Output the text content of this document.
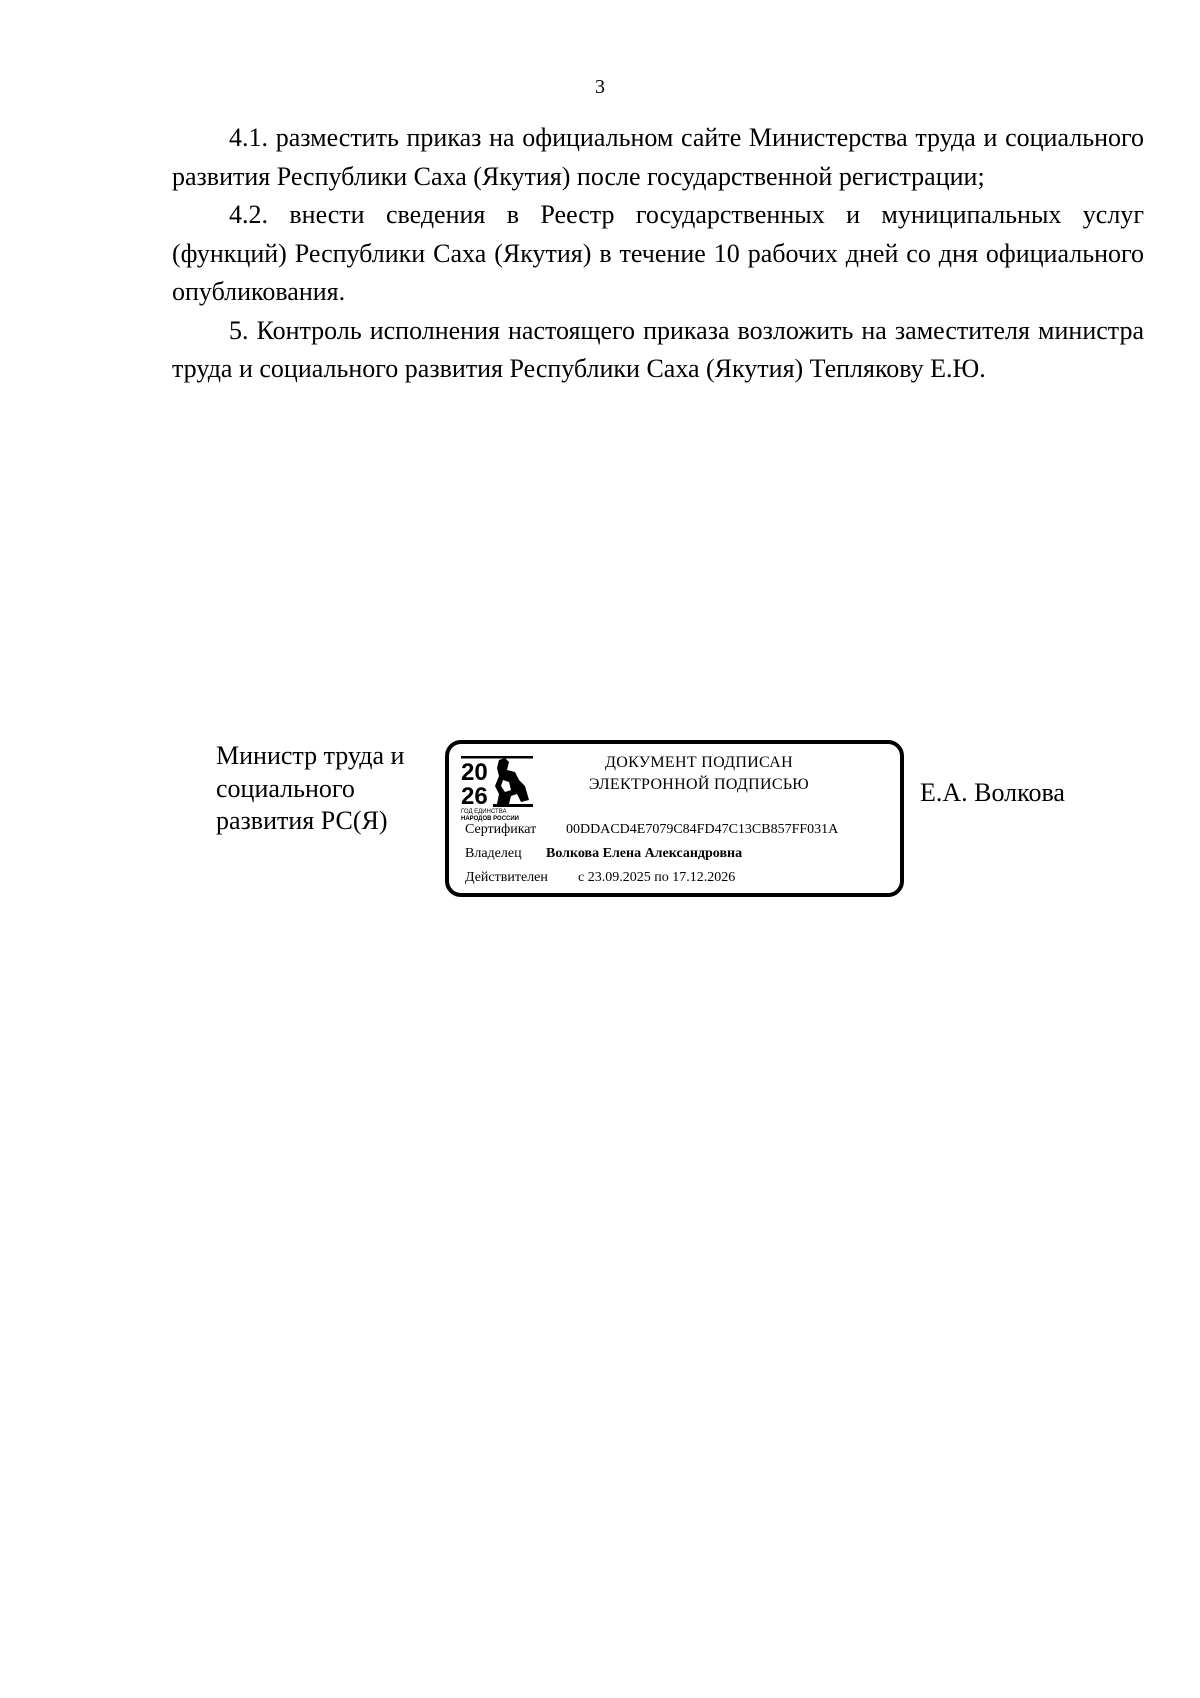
3

4.1. разместить приказ на официальном сайте Министерства труда и социального развития Республики Саха (Якутия) после государственной регистрации;

4.2. внести сведения в Реестр государственных и муниципальных услуг (функций) Республики Саха (Якутия) в течение 10 рабочих дней со дня официального опубликования.

5. Контроль исполнения настоящего приказа возложить на заместителя министра труда и социального развития Республики Саха (Якутия) Теплякову Е.Ю.

Министр труда и
социального
развития РС(Я)
20
26
ГОД ЕДИНСТВА
НАРОДОВ РОССИИ
ДОКУМЕНТ ПОДПИСАН
ЭЛЕКТРОННОЙ ПОДПИСЬЮ
Сертификат 00DDACD4E7079C84FD47C13CB857FF031A
Владелец Волкова Елена Александровна
Действителен с 23.09.2025 по 17.12.2026
Е.А. Волкова
